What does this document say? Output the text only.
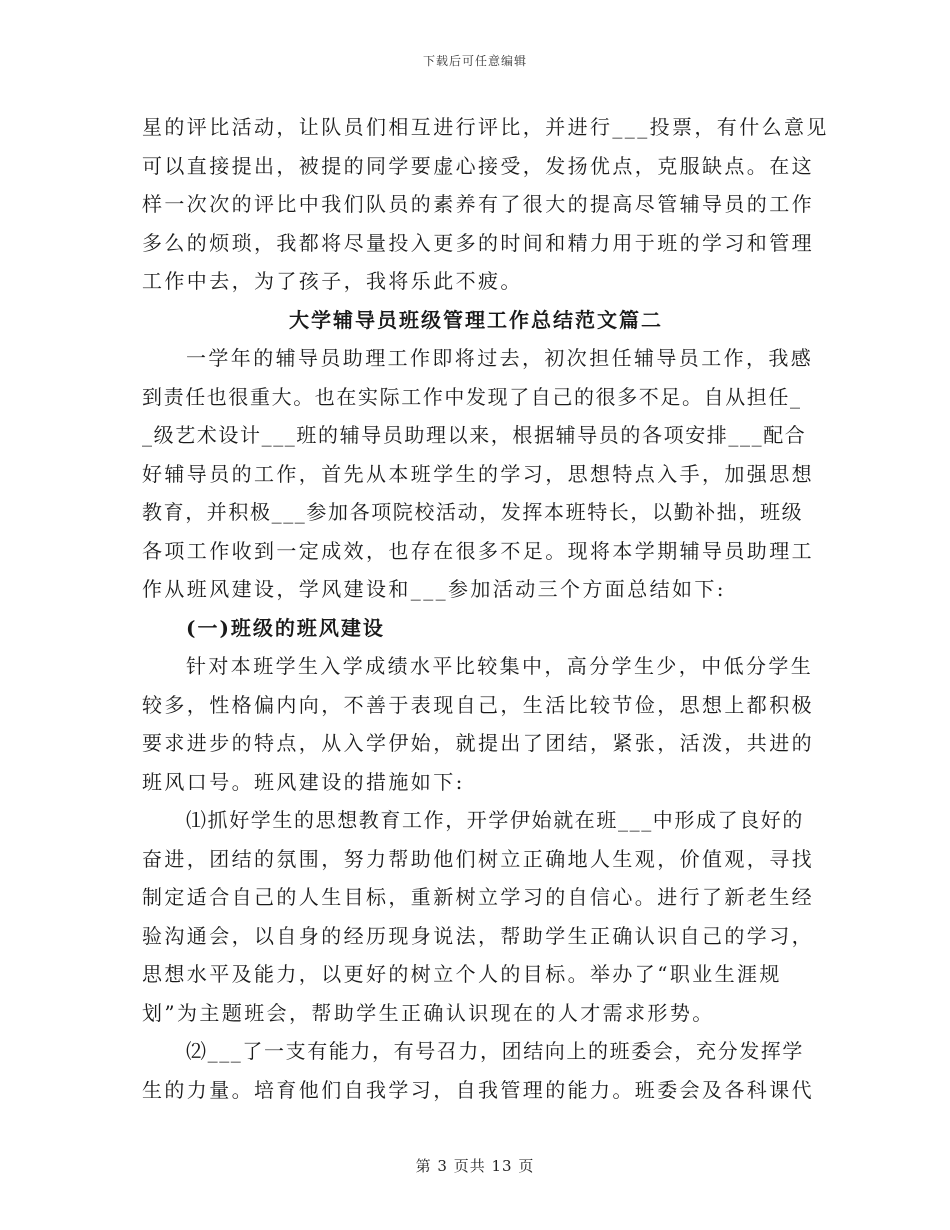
下载后可任意编辑
星的评比活动，让队员们相互进行评比，并进行___投票，有什么意见
可以直接提出，被提的同学要虚心接受，发扬优点，克服缺点。在这
样一次次的评比中我们队员的素养有了很大的提高尽管辅导员的工作
多么的烦琐，我都将尽量投入更多的时间和精力用于班的学习和管理
工作中去，为了孩子，我将乐此不疲。
大学辅导员班级管理工作总结范文篇二
一学年的辅导员助理工作即将过去，初次担任辅导员工作，我感
到责任也很重大。也在实际工作中发现了自己的很多不足。自从担任_
_级艺术设计___班的辅导员助理以来，根据辅导员的各项安排___配合
好辅导员的工作，首先从本班学生的学习，思想特点入手，加强思想
教育，并积极___参加各项院校活动，发挥本班特长，以勤补拙，班级
各项工作收到一定成效，也存在很多不足。现将本学期辅导员助理工
作从班风建设，学风建设和___参加活动三个方面总结如下:
(一)班级的班风建设
针对本班学生入学成绩水平比较集中，高分学生少，中低分学生
较多，性格偏内向，不善于表现自己，生活比较节俭，思想上都积极
要求进步的特点，从入学伊始，就提出了团结，紧张，活泼，共进的
班风口号。班风建设的措施如下:
⑴抓好学生的思想教育工作，开学伊始就在班___中形成了良好的
奋进，团结的氛围，努力帮助他们树立正确地人生观，价值观，寻找
制定适合自己的人生目标，重新树立学习的自信心。进行了新老生经
验沟通会，以自身的经历现身说法，帮助学生正确认识自己的学习，
思想水平及能力，以更好的树立个人的目标。举办了“职业生涯规
划”为主题班会，帮助学生正确认识现在的人才需求形势。
⑵___了一支有能力，有号召力，团结向上的班委会，充分发挥学
生的力量。培育他们自我学习，自我管理的能力。班委会及各科课代
第 3 页共 13 页
